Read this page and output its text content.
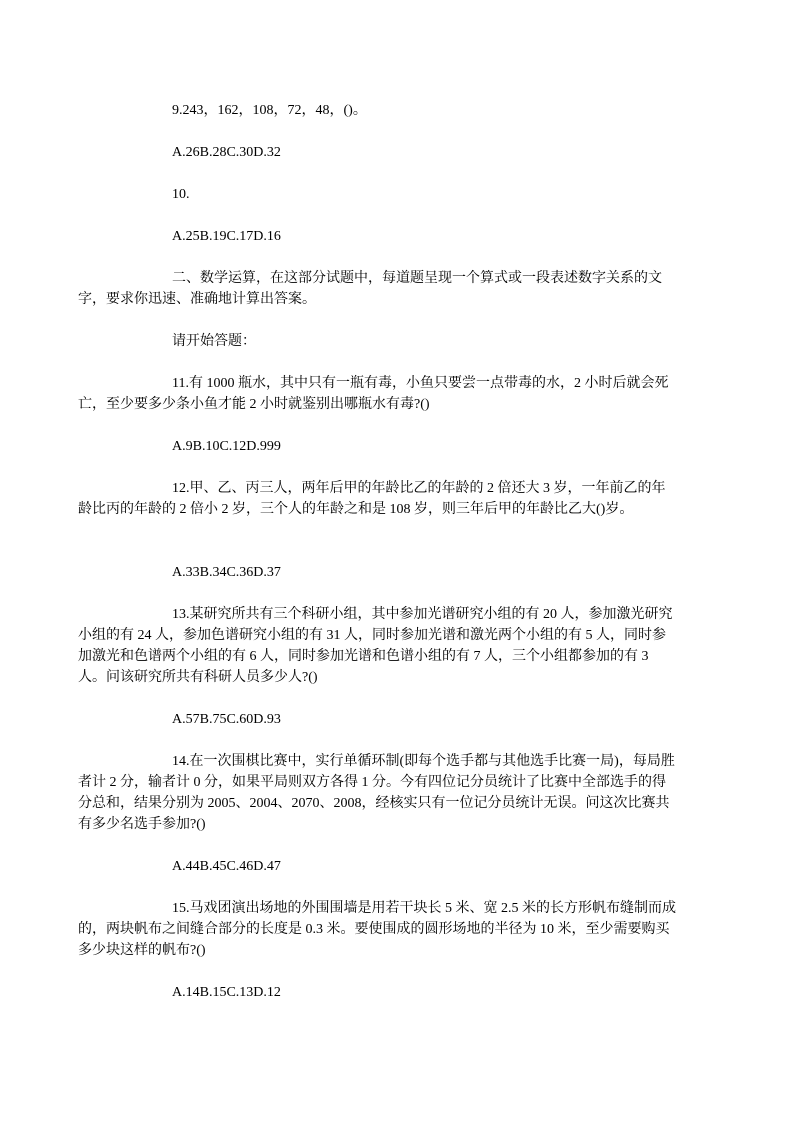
9.243，162，108，72，48，()。

A.26B.28C.30D.32

10.

A.25B.19C.17D.16

二、数学运算，在这部分试题中，每道题呈现一个算式或一段表述数字关系的文字，要求你迅速、准确地计算出答案。

请开始答题：

11.有 1000 瓶水，其中只有一瓶有毒，小鱼只要尝一点带毒的水，2 小时后就会死亡，至少要多少条小鱼才能 2 小时就鉴别出哪瓶水有毒?()

A.9B.10C.12D.999

12.甲、乙、丙三人，两年后甲的年龄比乙的年龄的 2 倍还大 3 岁，一年前乙的年龄比丙的年龄的 2 倍小 2 岁，三个人的年龄之和是 108 岁，则三年后甲的年龄比乙大()岁。

A.33B.34C.36D.37

13.某研究所共有三个科研小组，其中参加光谱研究小组的有 20 人，参加激光研究小组的有 24 人，参加色谱研究小组的有 31 人，同时参加光谱和激光两个小组的有 5 人，同时参加激光和色谱两个小组的有 6 人，同时参加光谱和色谱小组的有 7 人，三个小组都参加的有 3 人。问该研究所共有科研人员多少人?()

A.57B.75C.60D.93

14.在一次围棋比赛中，实行单循环制(即每个选手都与其他选手比赛一局)，每局胜者计 2 分，输者计 0 分，如果平局则双方各得 1 分。今有四位记分员统计了比赛中全部选手的得分总和，结果分别为 2005、2004、2070、2008，经核实只有一位记分员统计无误。问这次比赛共有多少名选手参加?()

A.44B.45C.46D.47

15.马戏团演出场地的外围围墙是用若干块长 5 米、宽 2.5 米的长方形帆布缝制而成的，两块帆布之间缝合部分的长度是 0.3 米。要使围成的圆形场地的半径为 10 米，至少需要购买多少块这样的帆布?()

A.14B.15C.13D.12
